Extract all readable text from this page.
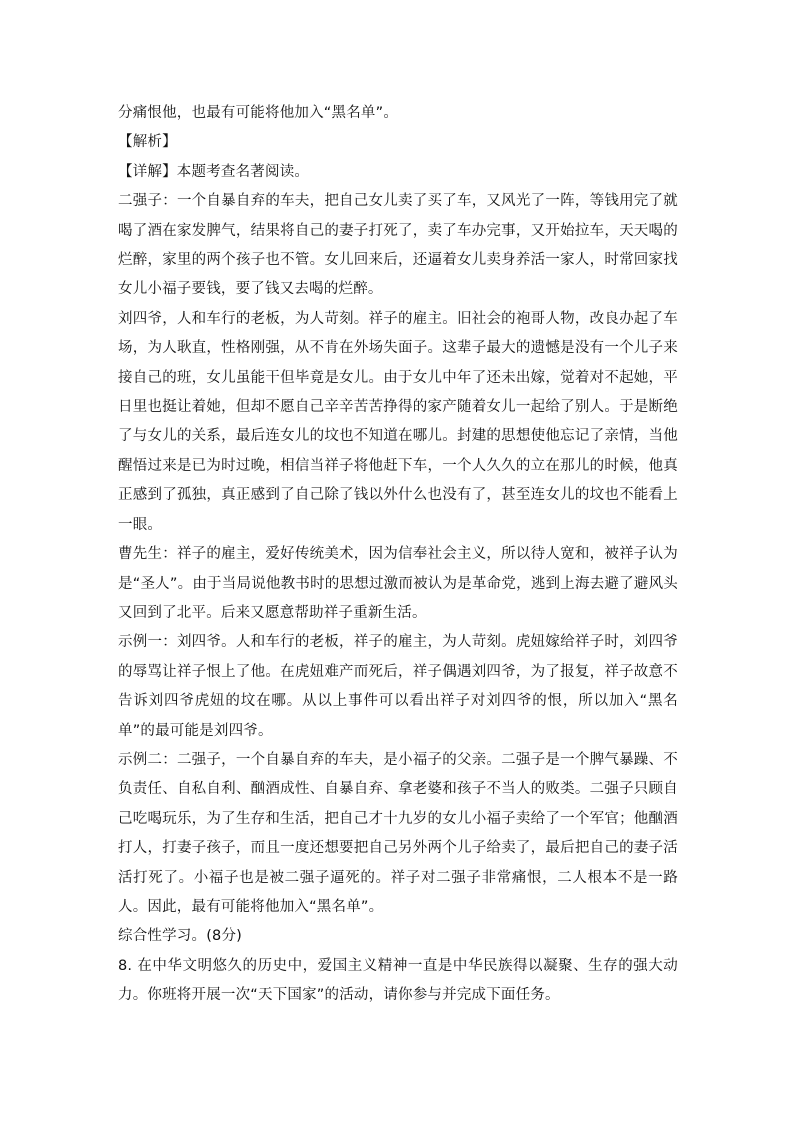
分痛恨他，也最有可能将他加入“黑名单”。

【解析】

【详解】本题考查名著阅读。

二强子：一个自暴自弃的车夫，把自己女儿卖了买了车，又风光了一阵，等钱用完了就喝了酒在家发脾气，结果将自己的妻子打死了，卖了车办完事，又开始拉车，天天喝的烂醉，家里的两个孩子也不管。女儿回来后，还逼着女儿卖身养活一家人，时常回家找女儿小福子要钱，要了钱又去喝的烂醉。

刘四爷，人和车行的老板，为人苛刻。祥子的雇主。旧社会的袍哥人物，改良办起了车场，为人耿直，性格刚强，从不肯在外场失面子。这辈子最大的遗憾是没有一个儿子来接自己的班，女儿虽能干但毕竟是女儿。由于女儿中年了还未出嫁，觉着对不起她，平日里也挺让着她，但却不愿自己辛辛苦苦挣得的家产随着女儿一起给了别人。于是断绝了与女儿的关系，最后连女儿的坟也不知道在哪儿。封建的思想使他忘记了亲情，当他醒悟过来是已为时过晚，相信当祥子将他赶下车，一个人久久的立在那儿的时候，他真正感到了孤独，真正感到了自己除了钱以外什么也没有了，甚至连女儿的坟也不能看上一眼。

曹先生：祥子的雇主，爱好传统美术，因为信奉社会主义，所以待人宽和，被祥子认为是“圣人”。由于当局说他教书时的思想过激而被认为是革命党，逃到上海去避了避风头又回到了北平。后来又愿意帮助祥子重新生活。

示例一：刘四爷。人和车行的老板，祥子的雇主，为人苛刻。虎妞嫁给祥子时，刘四爷的辱骂让祥子恨上了他。在虎妞难产而死后，祥子偶遇刘四爷，为了报复，祥子故意不告诉刘四爷虎妞的坟在哪。从以上事件可以看出祥子对刘四爷的恨，所以加入“黑名单”的最可能是刘四爷。

示例二：二强子，一个自暴自弃的车夫，是小福子的父亲。二强子是一个脾气暴躁、不负责任、自私自利、酗酒成性、自暴自弃、拿老婆和孩子不当人的败类。二强子只顾自己吃喝玩乐，为了生存和生活，把自己才十九岁的女儿小福子卖给了一个军官；他酗酒打人，打妻子孩子，而且一度还想要把自己另外两个儿子给卖了，最后把自己的妻子活活打死了。小福子也是被二强子逼死的。祥子对二强子非常痛恨，二人根本不是一路人。因此，最有可能将他加入“黑名单”。

综合性学习。(8分)

8. 在中华文明悠久的历史中，爱国主义精神一直是中华民族得以凝聚、生存的强大动力。你班将开展一次“天下国家”的活动，请你参与并完成下面任务。
